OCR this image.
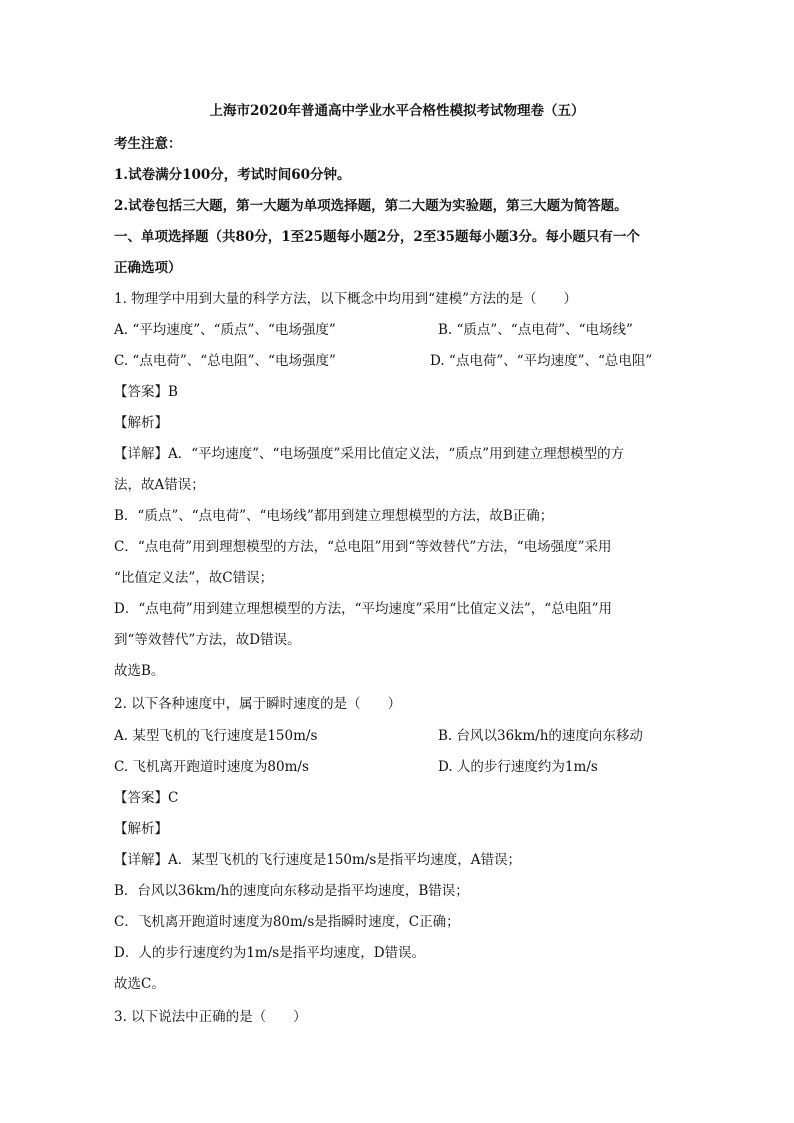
上海市2020年普通高中学业水平合格性模拟考试物理卷（五）
考生注意：
1.试卷满分100分，考试时间60分钟。
2.试卷包括三大题，第一大题为单项选择题，第二大题为实验题，第三大题为简答题。
一、单项选择题（共80分，1至25题每小题2分，2至35题每小题3分。每小题只有一个
正确选项）
1. 物理学中用到大量的科学方法，以下概念中均用到“建模”方法的是（　　）
A. “平均速度”、“质点”、“电场强度”	B. “质点”、“点电荷”、“电场线”
C. “点电荷”、“总电阻”、“电场强度”	D. “点电荷”、“平均速度”、“总电阻”
【答案】B
【解析】
【详解】A．“平均速度”、“电场强度”采用比值定义法，“质点”用到建立理想模型的方
法，故A错误；
B．“质点”、“点电荷”、“电场线”都用到建立理想模型的方法，故B正确；
C．“点电荷”用到理想模型的方法，“总电阻”用到“等效替代”方法，“电场强度”采用
“比值定义法”，故C错误；
D．“点电荷”用到建立理想模型的方法，“平均速度”采用“比值定义法”，“总电阻”用
到“等效替代”方法，故D错误。
故选B。
2. 以下各种速度中，属于瞬时速度的是（　　）
A. 某型飞机的飞行速度是150m/s	B. 台风以36km/h的速度向东移动
C. 飞机离开跑道时速度为80m/s	D. 人的步行速度约为1m/s
【答案】C
【解析】
【详解】A．某型飞机的飞行速度是150m/s是指平均速度，A错误；
B．台风以36km/h的速度向东移动是指平均速度，B错误；
C．飞机离开跑道时速度为80m/s是指瞬时速度，C正确；
D．人的步行速度约为1m/s是指平均速度，D错误。
故选C。
3. 以下说法中正确的是（　　）
